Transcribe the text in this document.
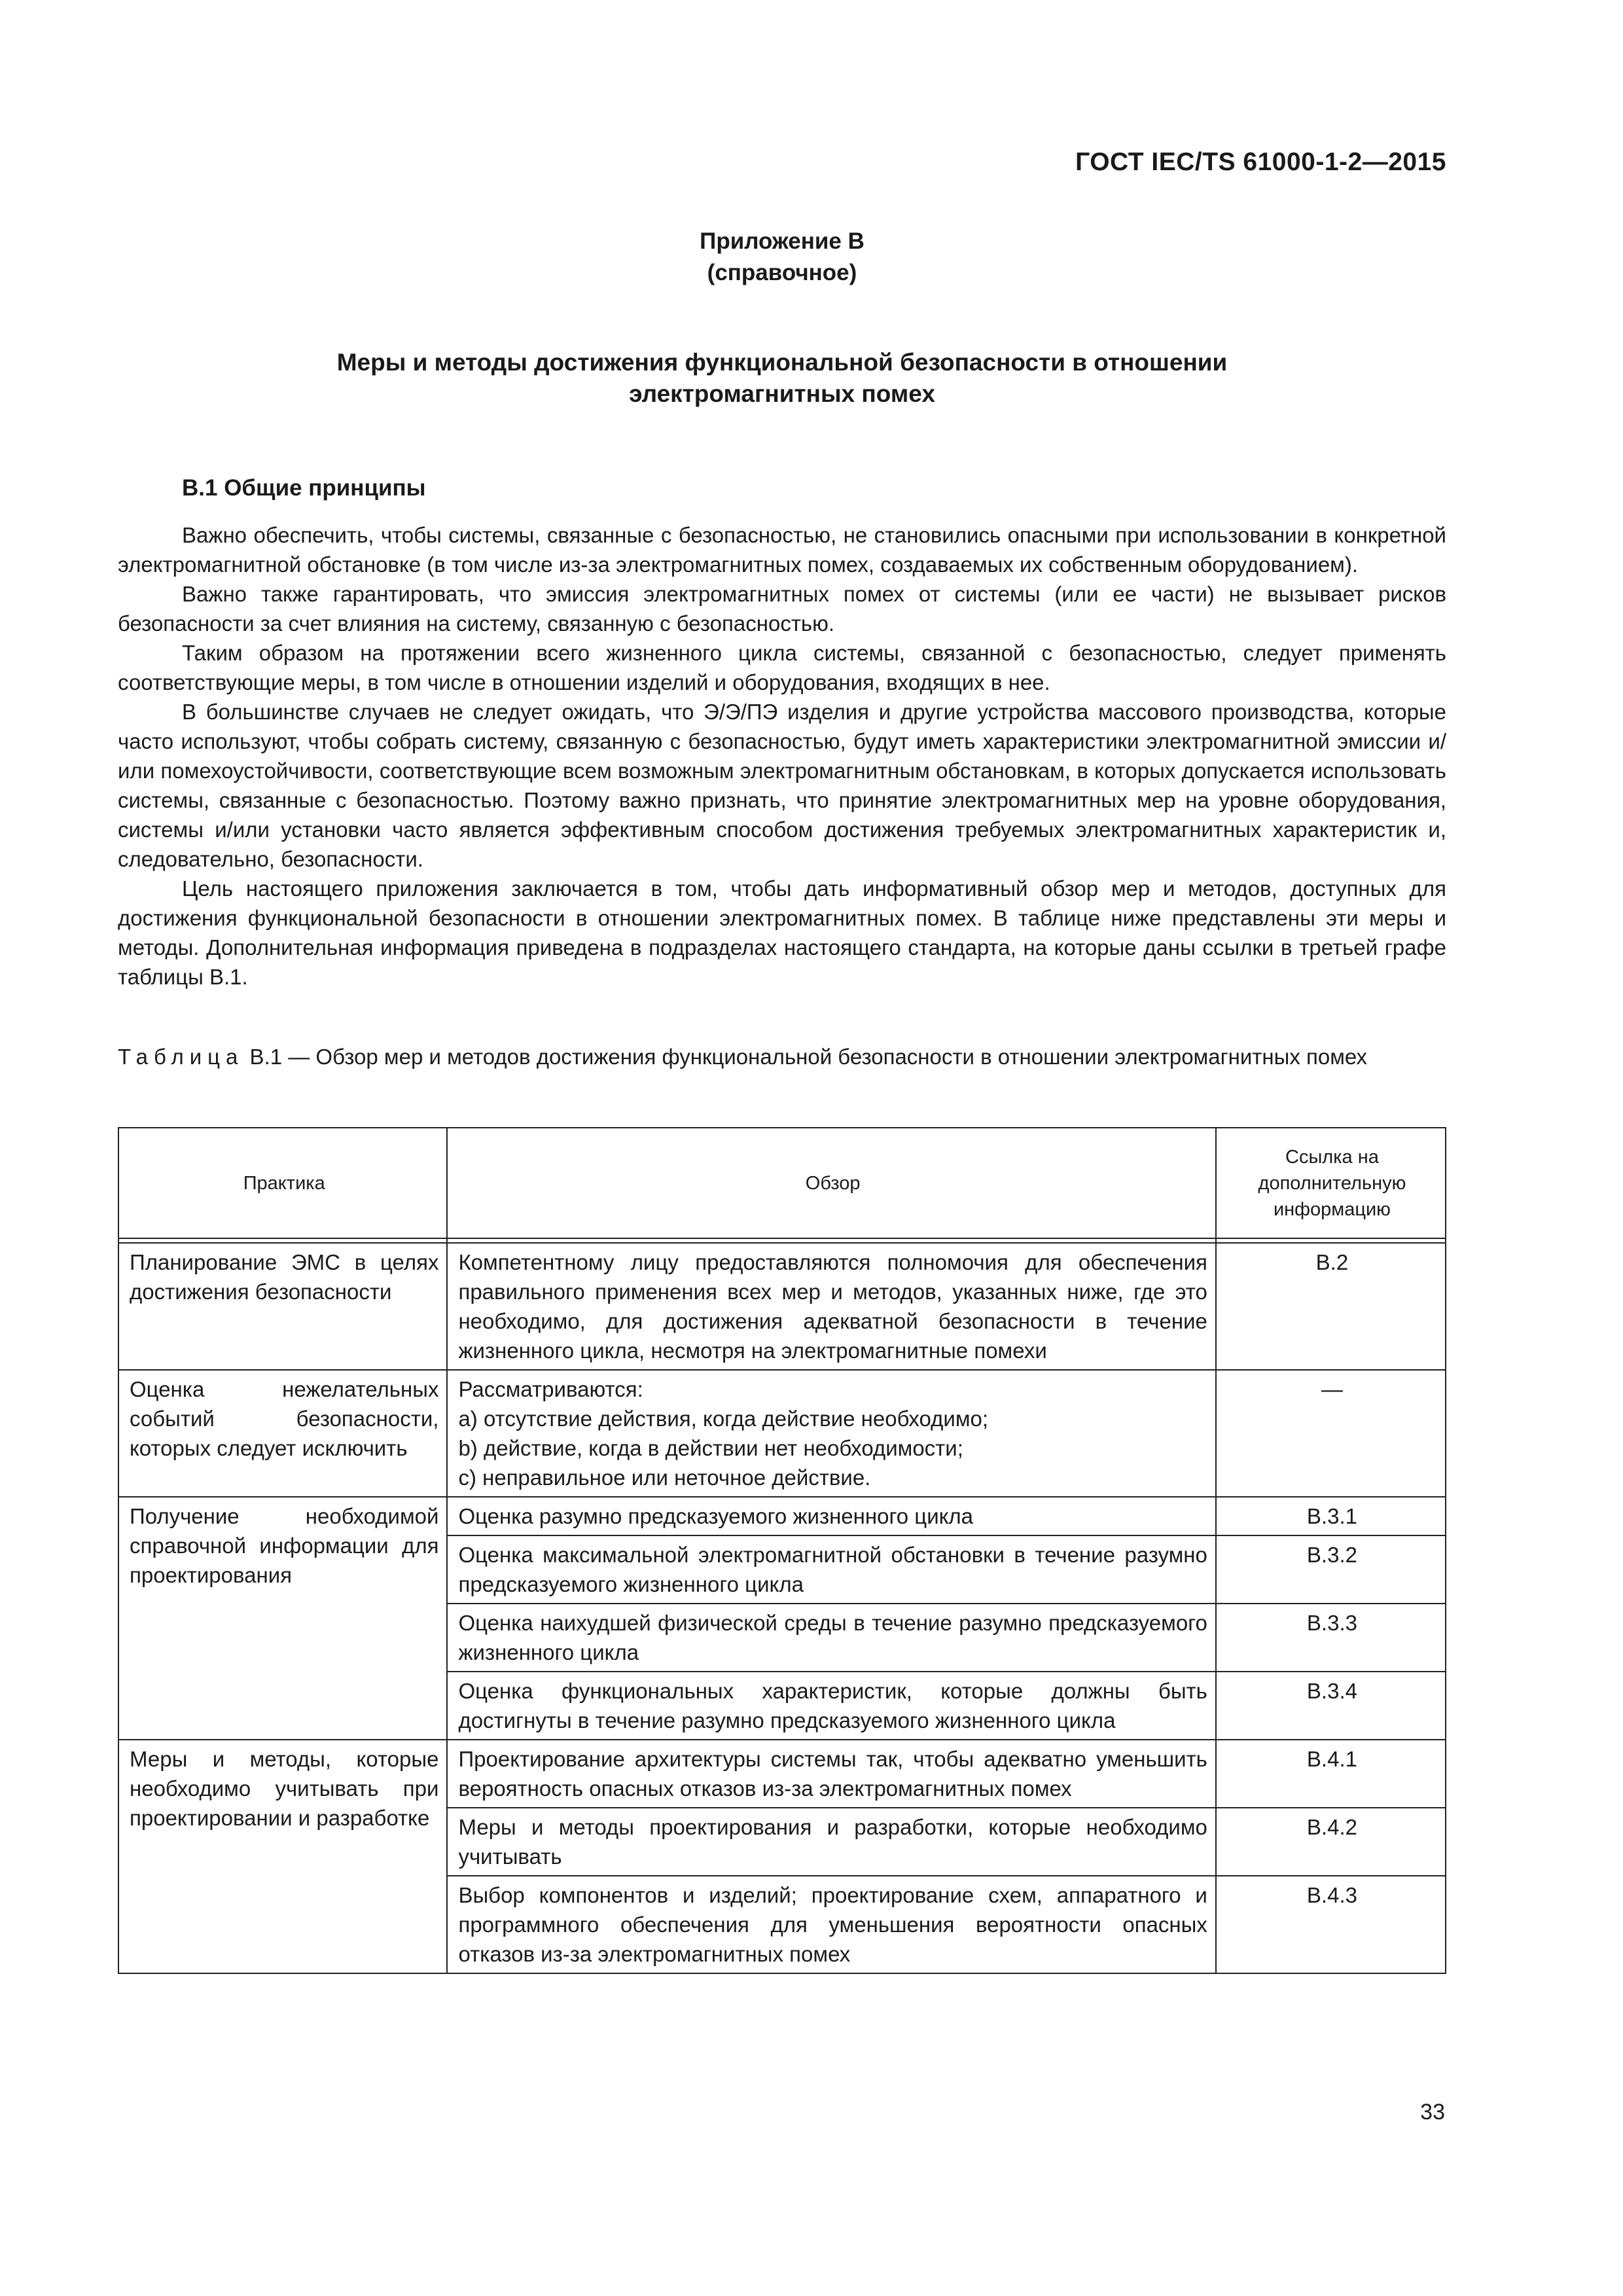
ГОСТ IEC/TS 61000-1-2—2015
Приложение В
(справочное)
Меры и методы достижения функциональной безопасности в отношении
электромагнитных помех
В.1 Общие принципы

Важно обеспечить, чтобы системы, связанные с безопасностью, не становились опасными при использовании в конкретной электромагнитной обстановке (в том числе из-за электромагнитных помех, создаваемых их собственным оборудованием).

Важно также гарантировать, что эмиссия электромагнитных помех от системы (или ее части) не вызывает рисков безопасности за счет влияния на систему, связанную с безопасностью.

Таким образом на протяжении всего жизненного цикла системы, связанной с безопасностью, следует применять соответствующие меры, в том числе в отношении изделий и оборудования, входящих в нее.

В большинстве случаев не следует ожидать, что Э/Э/ПЭ изделия и другие устройства массового производства, которые часто используют, чтобы собрать систему, связанную с безопасностью, будут иметь характеристики электромагнитной эмиссии и/или помехоустойчивости, соответствующие всем возможным электромагнитным обстановкам, в которых допускается использовать системы, связанные с безопасностью. Поэтому важно признать, что принятие электромагнитных мер на уровне оборудования, системы и/или установки часто является эффективным способом достижения требуемых электромагнитных характеристик и, следовательно, безопасности.

Цель настоящего приложения заключается в том, чтобы дать информативный обзор мер и методов, доступных для достижения функциональной безопасности в отношении электромагнитных помех. В таблице ниже представлены эти меры и методы. Дополнительная информация приведена в подразделах настоящего стандарта, на которые даны ссылки в третьей графе таблицы В.1.

Таблица В.1 — Обзор мер и методов достижения функциональной безопасности в отношении электромагнитных помех
Практика	Обзор	Ссылка на дополнительную информацию

Планирование ЭМС в целях достижения безопасности	Компетентному лицу предоставляются полномочия для обеспечения правильного применения всех мер и методов, указанных ниже, где это необходимо, для достижения адекватной безопасности в течение жизненного цикла, несмотря на электромагнитные помехи	В.2
Оценка нежелательных событий безопасности, которых следует исключить	Рассматриваются:
a) отсутствие действия, когда действие необходимо;
b) действие, когда в действии нет необходимости;
c) неправильное или неточное действие.	—
Получение необходимой справочной информации для проектирования	Оценка разумно предсказуемого жизненного цикла	В.3.1
	Оценка максимальной электромагнитной обстановки в течение разумно предсказуемого жизненного цикла	В.3.2
	Оценка наихудшей физической среды в течение разумно предсказуемого жизненного цикла	В.3.3
	Оценка функциональных характеристик, которые должны быть достигнуты в течение разумно предсказуемого жизненного цикла	В.3.4
Меры и методы, которые необходимо учитывать при проектировании и разработке	Проектирование архитектуры системы так, чтобы адекватно уменьшить вероятность опасных отказов из-за электромагнитных помех	В.4.1
	Меры и методы проектирования и разработки, которые необходимо учитывать	В.4.2
	Выбор компонентов и изделий; проектирование схем, аппаратного и программного обеспечения для уменьшения вероятности опасных отказов из-за электромагнитных помех	В.4.3
33
